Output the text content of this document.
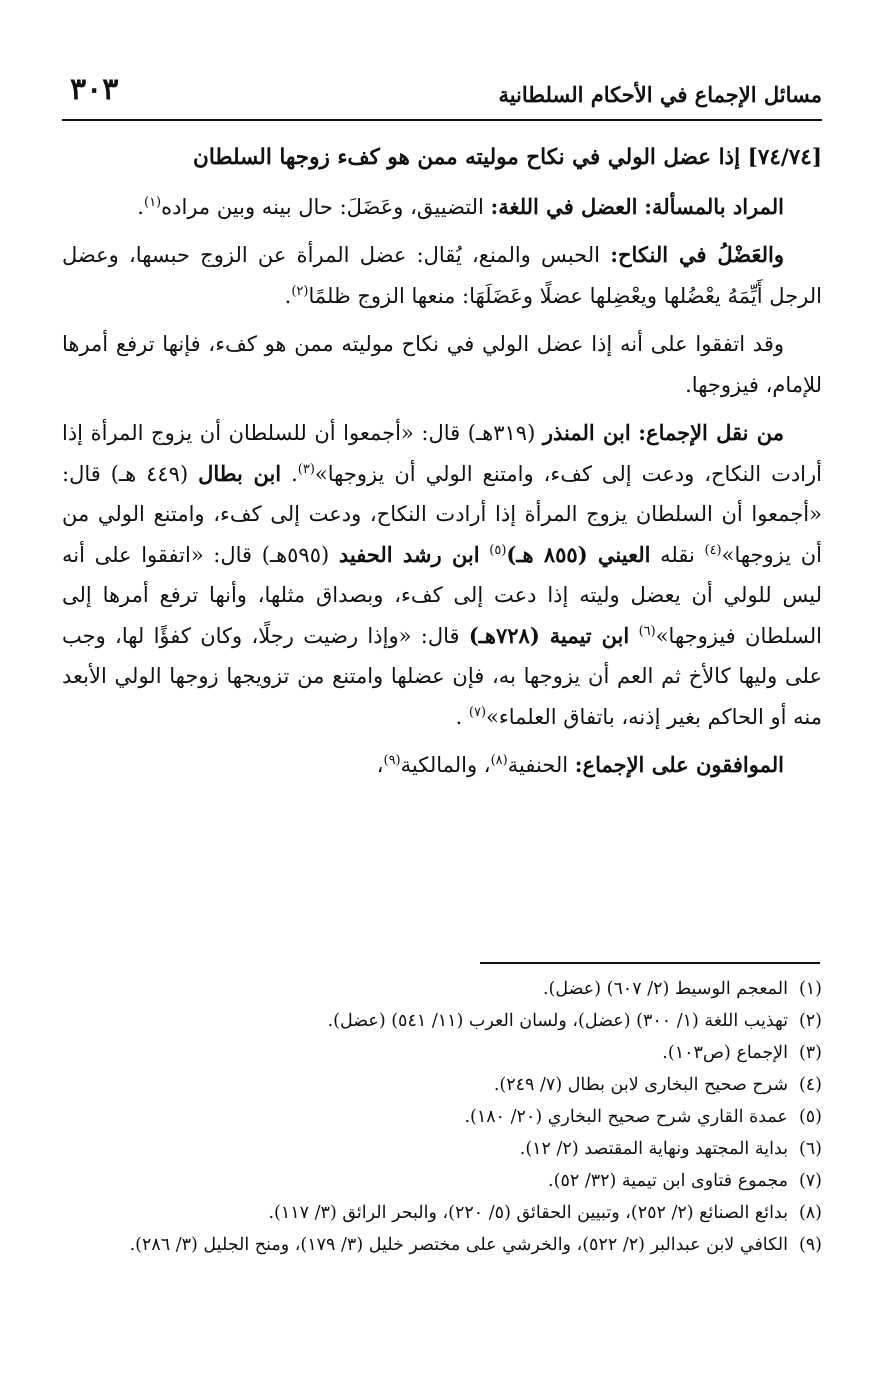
مسائل الإجماع في الأحكام السلطانية
٣٠٣

[٧٤/٧٤] إذا عضل الولي في نكاح موليته ممن هو كفء زوجها السلطان

المراد بالمسألة: العضل في اللغة: التضييق، وعَضَلَ: حال بينه وبين مراده$^{(١)}$.

والعَضْلُ في النكاح: الحبس والمنع، يُقال: عضل المرأة عن الزوج حبسها، وعضل الرجل أَيِّمَهُ يعْضُلها ويعْضِلها عضلًا وعَضَلَهَا: منعها الزوج ظلمًا$^{(٢)}$.

وقد اتفقوا على أنه إذا عضل الولي في نكاح موليته ممن هو كفء، فإنها ترفع أمرها للإمام، فيزوجها.

من نقل الإجماع: ابن المنذر (٣١٩هـ) قال: «أجمعوا أن للسلطان أن يزوج المرأة إذا أرادت النكاح، ودعت إلى كفء، وامتنع الولي أن يزوجها»$^{(٣)}$. ابن بطال (٤٤٩ هـ) قال: «أجمعوا أن السلطان يزوج المرأة إذا أرادت النكاح، ودعت إلى كفء، وامتنع الولي من أن يزوجها»$^{(٤)}$ نقله العيني (٨٥٥ هـ)$^{(٥)}$ ابن رشد الحفيد (٥٩٥هـ) قال: «اتفقوا على أنه ليس للولي أن يعضل وليته إذا دعت إلى كفء، وبصداق مثلها، وأنها ترفع أمرها إلى السلطان فيزوجها»$^{(٦)}$ ابن تيمية (٧٢٨هـ) قال: «وإذا رضيت رجلًا، وكان كفؤًا لها، وجب على وليها كالأخ ثم العم أن يزوجها به، فإن عضلها وامتنع من تزويجها زوجها الولي الأبعد منه أو الحاكم بغير إذنه، باتفاق العلماء»$^{(٧)}$ .

الموافقون على الإجماع: الحنفية$^{(٨)}$، والمالكية$^{(٩)}$،

(١)
المعجم الوسيط (٢/ ٦٠٧) (عضل).

(٢)
تهذيب اللغة (١/ ٣٠٠) (عضل)، ولسان العرب (١١/ ٥٤١) (عضل).

(٣)
الإجماع (ص١٠٣).

(٤)
شرح صحيح البخارى لابن بطال (٧/ ٢٤٩).

(٥)
عمدة القاري شرح صحيح البخاري (٢٠/ ١٨٠).

(٦)
بداية المجتهد ونهاية المقتصد (٢/ ١٢).

(٧)
مجموع فتاوى ابن تيمية (٣٢/ ٥٢).

(٨)
بدائع الصنائع (٢/ ٢٥٢)، وتبيين الحقائق (٥/ ٢٢٠)، والبحر الرائق (٣/ ١١٧).

(٩)
الكافي لابن عبدالبر (٢/ ٥٢٢)، والخرشي على مختصر خليل (٣/ ١٧٩)، ومنح الجليل (٣/ ٢٨٦).
